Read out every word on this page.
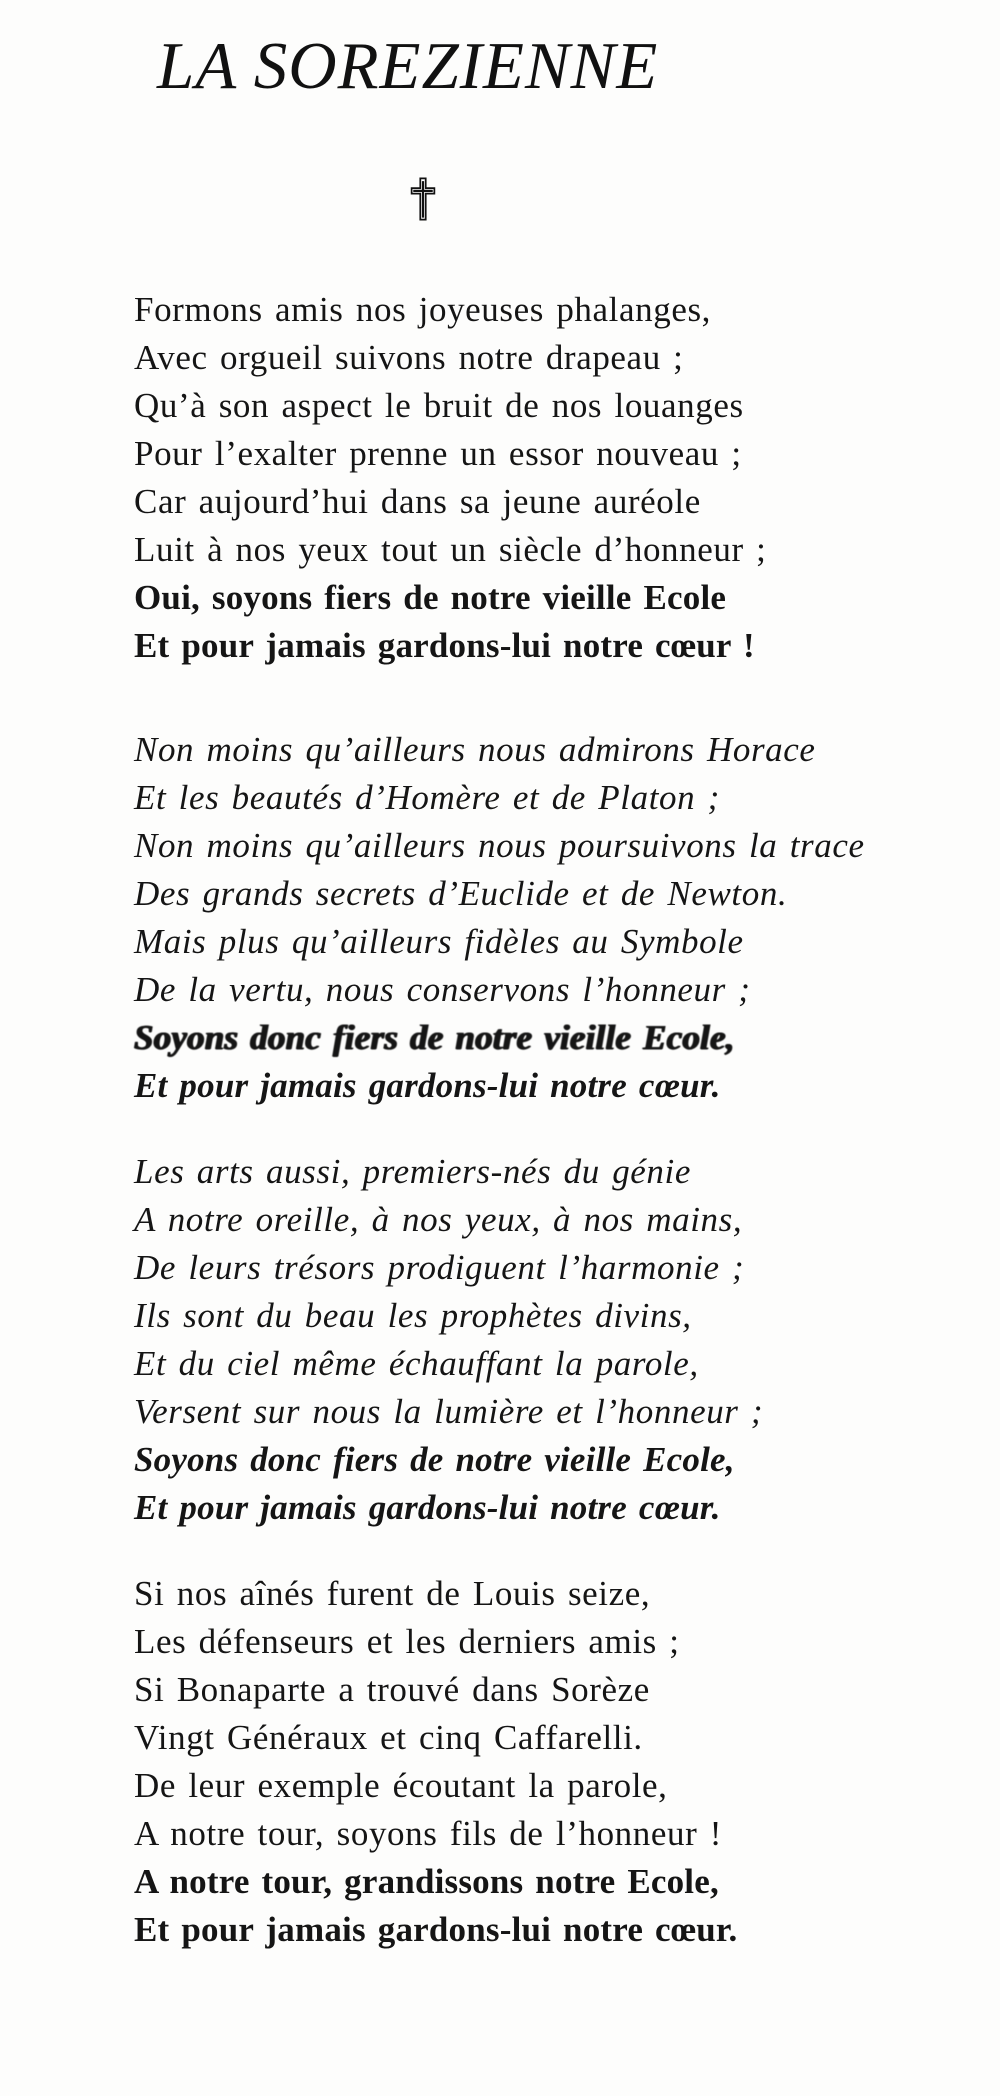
LA SOREZIENNE

Formons amis nos joyeuses phalanges,

Avec orgueil suivons notre drapeau ;

Qu’à son aspect le bruit de nos louanges

Pour l’exalter prenne un essor nouveau ;

Car aujourd’hui dans sa jeune auréole

Luit à nos yeux tout un siècle d’honneur ;

Oui, soyons fiers de notre vieille Ecole

Et pour jamais gardons-lui notre cœur !

Non moins qu’ailleurs nous admirons Horace

Et les beautés d’Homère et de Platon ;

Non moins qu’ailleurs nous poursuivons la trace

Des grands secrets d’Euclide et de Newton.

Mais plus qu’ailleurs fidèles au Symbole

De la vertu, nous conservons l’honneur ;

Soyons donc fiers de notre vieille Ecole,

Et pour jamais gardons-lui notre cœur.

Les arts aussi, premiers-nés du génie

A notre oreille, à nos yeux, à nos mains,

De leurs trésors prodiguent l’harmonie ;

Ils sont du beau les prophètes divins,

Et du ciel même échauffant la parole,

Versent sur nous la lumière et l’honneur ;

Soyons donc fiers de notre vieille Ecole,

Et pour jamais gardons-lui notre cœur.

Si nos aînés furent de Louis seize,

Les défenseurs et les derniers amis ;

Si Bonaparte a trouvé dans Sorèze

Vingt Généraux et cinq Caffarelli.

De leur exemple écoutant la parole,

A notre tour, soyons fils de l’honneur !

A notre tour, grandissons notre Ecole,

Et pour jamais gardons-lui notre cœur.
